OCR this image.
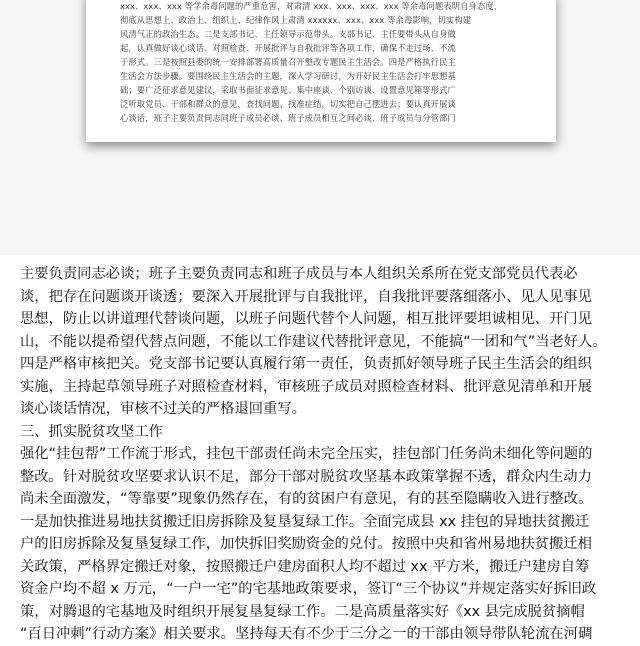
xxx、xxx、xxx 等学余毒问题的严重危害，对肃清 xxx、xxx、xxx、xxx 等余毒问题表明自身态度，
彻底从思想上、政治上、组织上、纪律作风上肃清 xxxxxx、xxx、xxx 等余毒影响，切实构建
风清气正的政治生态。二是支部书记、主任领导示范带头。支部书记、主任要带头从自身做
起，认真做好谈心谈话、对照检查、开展批评与自我批评等各项工作，确保不走过场、不流
于形式。三是按照县委的统一安排部署高质量召开整改专题民主生活会。四是严格执行民主
生活会方法步骤。要围绕民主生活会的主题，深入学习研讨，为开好民主生活会打牢思想基
础；要广泛征求意见建议，采取书面征求意见、集中座谈、个别访谈、设置意见箱等形式广
泛听取党员、干部和群众的意见，查找问题、找准症结，切实把自己摆进去；要认真开展谈
心谈话，班子主要负责同志同班子成员必谈、班子成员相互之间必谈、班子成员与分管部门
主要负责同志必谈；班子主要负责同志和班子成员与本人组织关系所在党支部党员代表必
谈，把存在问题谈开谈透；要深入开展批评与自我批评，自我批评要落细落小、见人见事见
思想，防止以讲道理代替谈问题，以班子问题代替个人问题，相互批评要坦诚相见、开门见
山，不能以提希望代替点问题，不能以工作建议代替批评意见，不能搞“一团和气”当老好人。
四是严格审核把关。党支部书记要认真履行第一责任，负责抓好领导班子民主生活会的组织
实施，主持起草领导班子对照检查材料，审核班子成员对照检查材料、批评意见清单和开展
谈心谈话情况，审核不过关的严格退回重写。
三、抓实脱贫攻坚工作
强化“挂包帮”工作流于形式，挂包干部责任尚未完全压实，挂包部门任务尚未细化等问题的
整改。针对脱贫攻坚要求认识不足，部分干部对脱贫攻坚基本政策掌握不透，群众内生动力
尚未全面激发，“等靠要”现象仍然存在，有的贫困户有意见，有的甚至隐瞒收入进行整改。
一是加快推进易地扶贫搬迁旧房拆除及复垦复绿工作。全面完成县 xx 挂包的异地扶贫搬迁
户的旧房拆除及复垦复绿工作，加快拆旧奖励资金的兑付。按照中央和省州易地扶贫搬迁相
关政策，严格界定搬迁对象，按照搬迁户建房面积人均不超过 xx 平方米，搬迁户建房自筹
资金户均不超 x 万元，“一户一宅”的宅基地政策要求，签订“三个协议”并规定落实好拆旧政
策，对腾退的宅基地及时组织开展复垦复绿工作。二是高质量落实好《xx 县完成脱贫摘帽
“百日冲刺”行动方案》相关要求。坚持每天有不少于三分之一的干部由领导带队轮流在河碉
